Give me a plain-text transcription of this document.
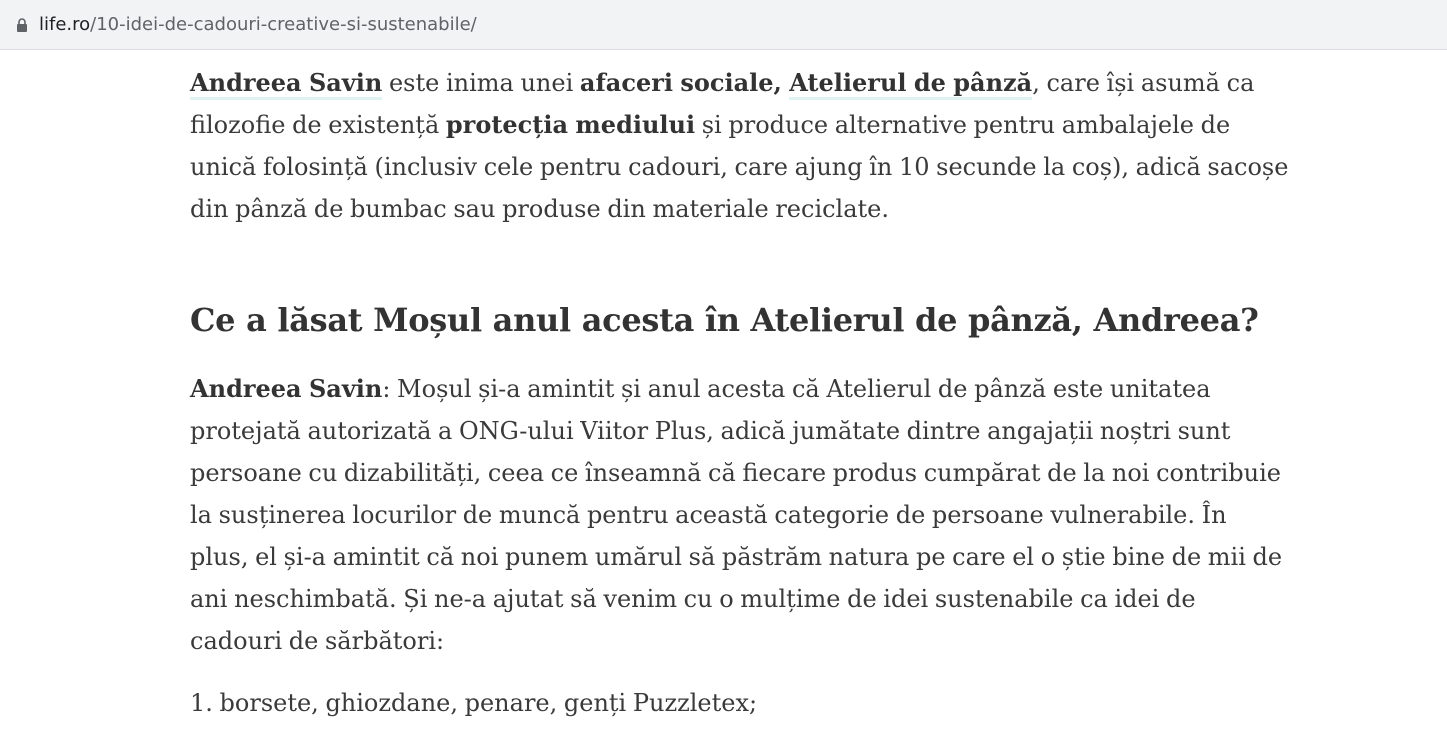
life.ro/10-idei-de-cadouri-creative-si-sustenabile/

Andreea Savin este inima unei afaceri sociale, Atelierul de pânză, care își asumă ca filozofie de existență protecția mediului și produce alternative pentru ambalajele de unică folosință (inclusiv cele pentru cadouri, care ajung în 10 secunde la coș), adică sacoșe din pânză de bumbac sau produse din materiale reciclate.

Ce a lăsat Moșul anul acesta în Atelierul de pânză, Andreea?

Andreea Savin: Moșul și-a amintit și anul acesta că Atelierul de pânză este unitatea protejată autorizată a ONG-ului Viitor Plus, adică jumătate dintre angajații noștri sunt persoane cu dizabilități, ceea ce înseamnă că fiecare produs cumpărat de la noi contribuie la susținerea locurilor de muncă pentru această categorie de persoane vulnerabile. În plus, el și-a amintit că noi punem umărul să păstrăm natura pe care el o știe bine de mii de ani neschimbată. Și ne-a ajutat să venim cu o mulțime de idei sustenabile ca idei de cadouri de sărbători:

1. borsete, ghiozdane, penare, genți Puzzletex;
